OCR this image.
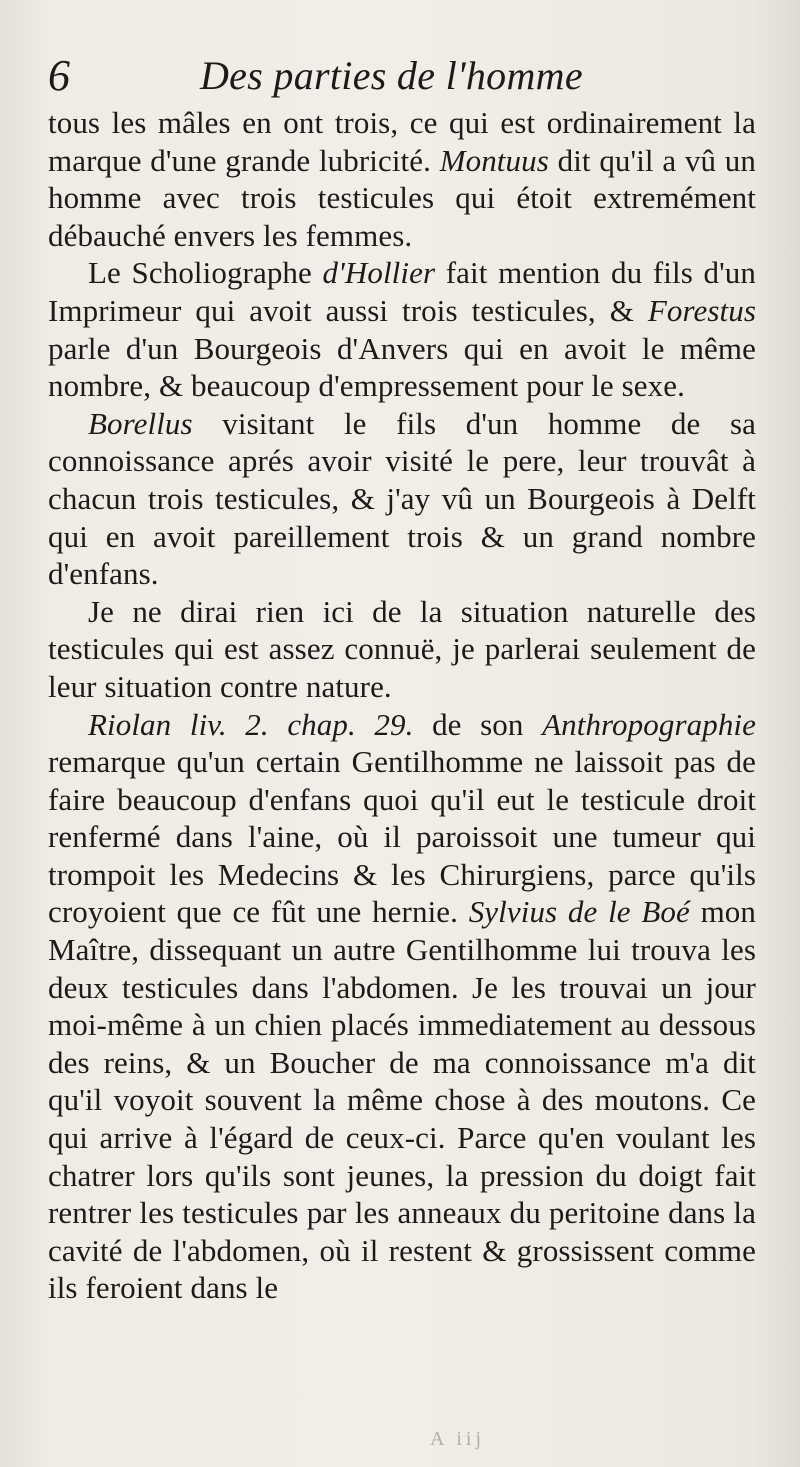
6	Des parties de l'homme

tous les mâles en ont trois, ce qui est ordinairement la marque d'une grande lubricité. Montuus dit qu'il a vû un homme avec trois testicules qui étoit extremément débauché envers les femmes.

Le Scholiographe d'Hollier fait mention du fils d'un Imprimeur qui avoit aussi trois testicules, & Forestus parle d'un Bourgeois d'Anvers qui en avoit le même nombre, & beaucoup d'empressement pour le sexe.

Borellus visitant le fils d'un homme de sa connoissance aprés avoir visité le pere, leur trouvât à chacun trois testicules, & j'ay vû un Bourgeois à Delft qui en avoit pareillement trois & un grand nombre d'enfans.

Je ne dirai rien ici de la situation naturelle des testicules qui est assez connuë, je parlerai seulement de leur situation contre nature.

Riolan liv. 2. chap. 29. de son Anthropographie remarque qu'un certain Gentilhomme ne laissoit pas de faire beaucoup d'enfans quoi qu'il eut le testicule droit renfermé dans l'aine, où il paroissoit une tumeur qui trompoit les Medecins & les Chirurgiens, parce qu'ils croyoient que ce fût une hernie. Sylvius de le Boé mon Maître, dissequant un autre Gentilhomme lui trouva les deux testicules dans l'abdomen. Je les trouvai un jour moi-même à un chien placés immediatement au dessous des reins, & un Boucher de ma connoissance m'a dit qu'il voyoit souvent la même chose à des moutons. Ce qui arrive à l'égard de ceux-ci. Parce qu'en voulant les chatrer lors qu'ils sont jeunes, la pression du doigt fait rentrer les testicules par les anneaux du peritoine dans la cavité de l'abdomen, où il restent & grossissent comme ils feroient dans le

A iij
